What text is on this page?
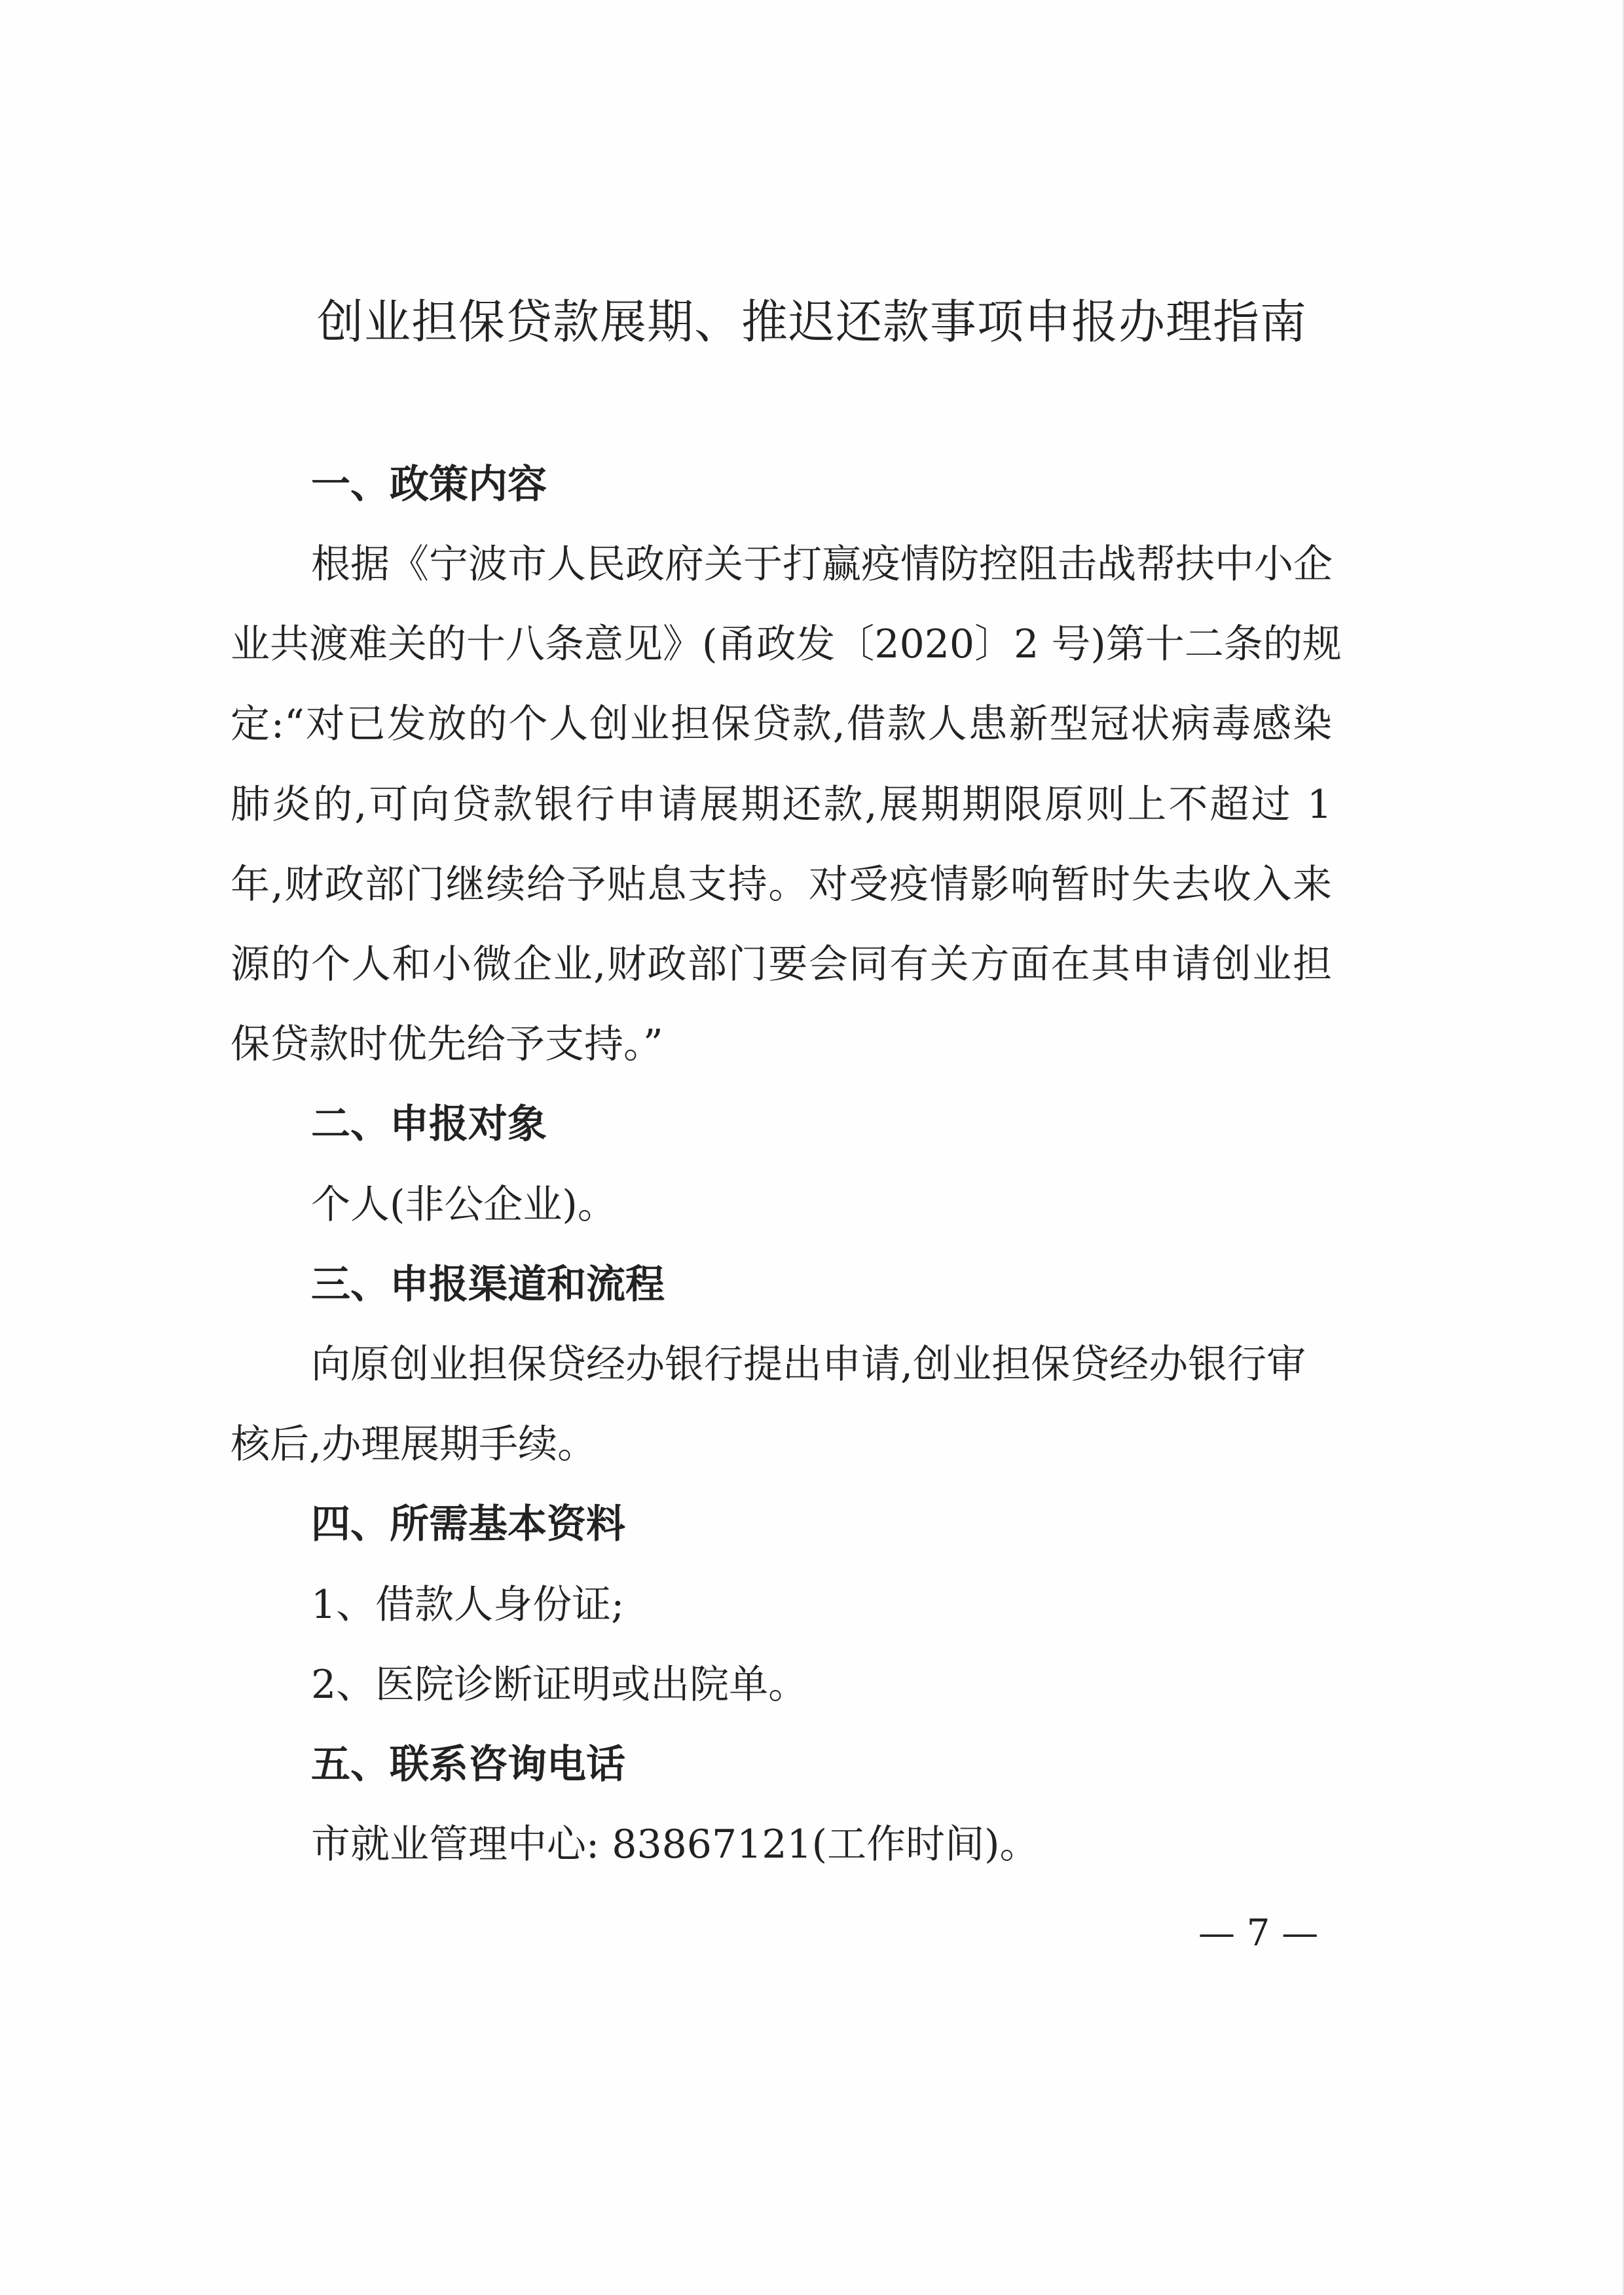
创业担保贷款展期、推迟还款事项申报办理指南
一、政策内容
根据《宁波市人民政府关于打赢疫情防控阻击战帮扶中小企
业共渡难关的十八条意见》(甬政发〔2020〕2 号)第十二条的规
定:“对已发放的个人创业担保贷款,借款人患新型冠状病毒感染
肺炎的,可向贷款银行申请展期还款,展期期限原则上不超过 1
年,财政部门继续给予贴息支持。对受疫情影响暂时失去收入来
源的个人和小微企业,财政部门要会同有关方面在其申请创业担
保贷款时优先给予支持。”
二、申报对象
个人(非公企业)。
三、申报渠道和流程
向原创业担保贷经办银行提出申请,创业担保贷经办银行审
核后,办理展期手续。
四、所需基本资料
1、借款人身份证;
2、医院诊断证明或出院单。
五、联系咨询电话
市就业管理中心: 83867121(工作时间)。
— 7 —
